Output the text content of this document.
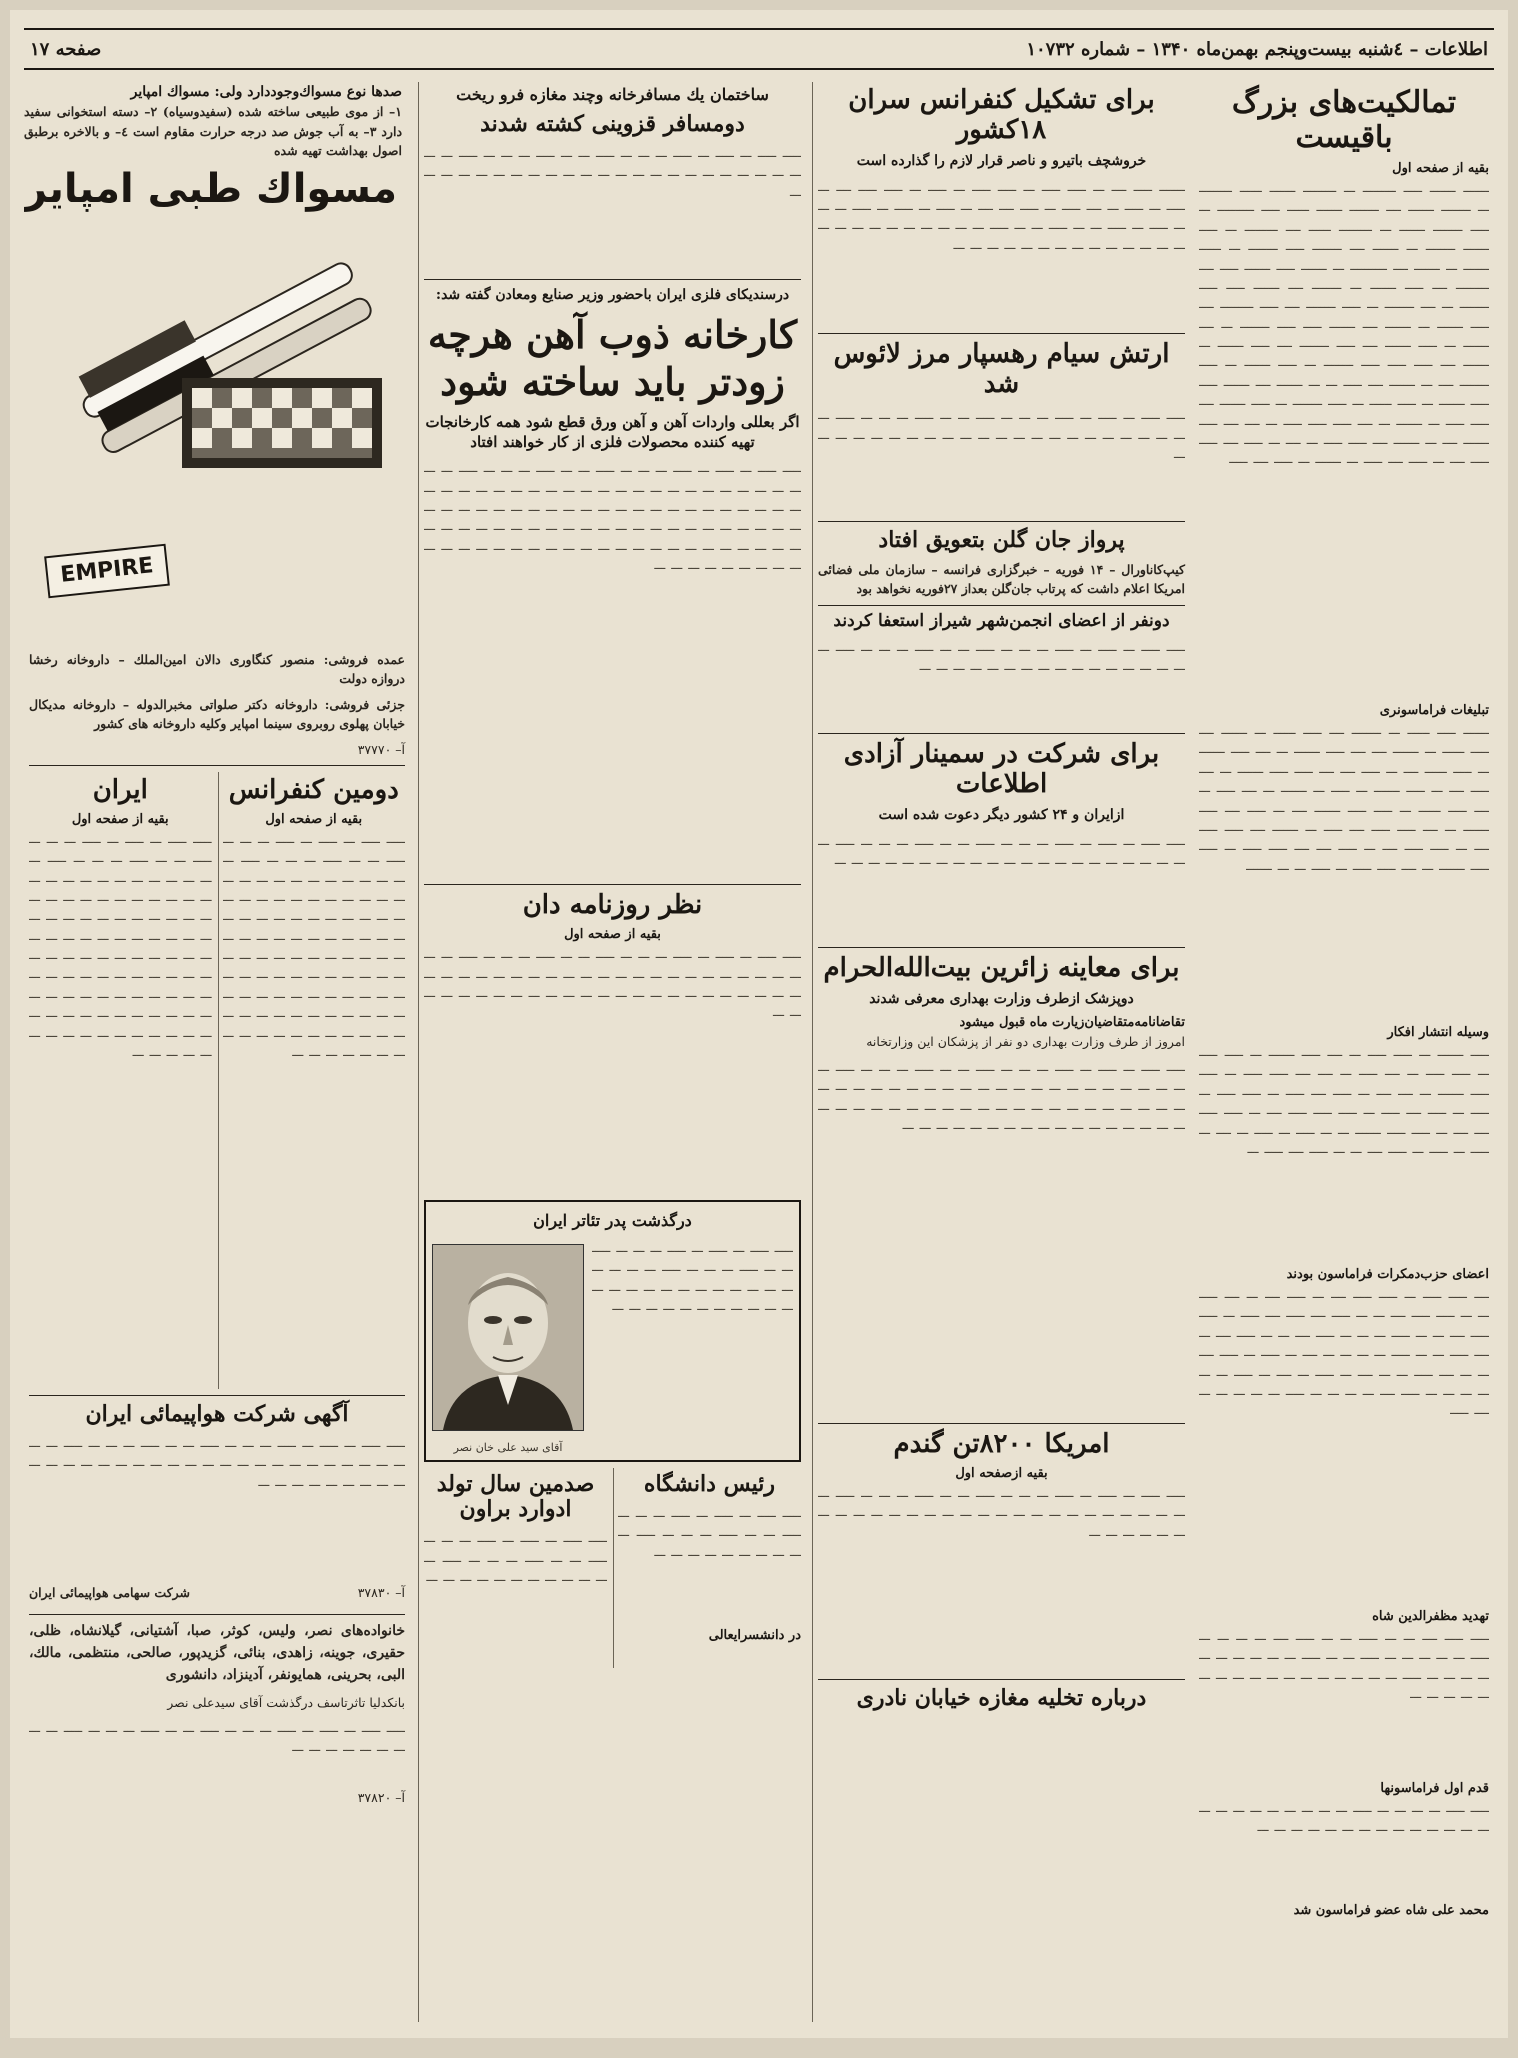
اطلاعات – ٤شنبه بیست‌وپنجم بهمن‌ماه ۱۳۴۰ – شماره ۱۰۷۳۲
صفحه ۱۷
تمالکیت‌های بزرگ باقیست
بقیه از صفحه اول
ـــــــ ـــــــ ـــــ ـــــــــ ـــ ـــــــــ ـــــــ ــــــ ـــــــــ ـــ ــــــــ ـــــــ ــــ ــــــــ ـــــــ ــــــ ـــــ ــــــــــ ـــ ـــــ ــــــــ ـــــــ ـــ ـــــــــ ــــــ ــــ ـــــــــ ـــ ـــــ ـــــــ ــــــــ ـــ ـــــــ ــــ ــــــــ ـــــ ــــــــ ـــ ــــــ ـــــــ ـــ ـــــــ ــــ ــــــــــ ـــ ـــــــ ـــــ ـــــــ ـــــ ــــ ـــــــــ ــــ ـــــ ـــــــ ـــ ــــــــ ــــ ـــــــ ـــــ ـــــ ــــــــ ـــ ــــ ــــــــ ـــ ـــــ ــــــــ ــــ ـــــ ـــــــــ ــــ ـــــ ـــــــ ـــ ـــــــ ــــ ـــــــ ـــــ ـــــ ــــــــ ـــ ــــ ـــــــ ـــ ـــــ ـــــــ ــــ ـــــ ــــــــ ــــ ـــــ ـــــــ ـــ ـــــــ ــــ ـــــ ـــــ ـــــ ــــــــ ـــ ـــــ ـــــــ ـــ ـــــ ــــــــ ــــ ـــ ـــــــ ــــ ـــــ ـــ ـــ ـــــــ ــــ ـــــــ ـــــ ـــــ ـــــــ ـــ ـــــ ــــــ ـــ ـــــ ــــــــ ـــ ـــــ ـــــــ ــــ ـــــ ـــــ ـــ ـــــــ ـــ ــــ ـــــ ـــــ ـــــ ـــ ــــ ــــ ـــــ ـــــــ ــــ ـــ ـــــــ ــــ ـــــ ـــــ ـــ ــــ ـــ ـــــ ــــ ـــــ ـــــ ــــ ـــ ـــــ ــــ ـــــ ـــ ـــــــ ـــ ـــــ ــــ ـــــ
تبلیغات فراماسونری
ـــــــ ـــــ ــــــ ـــ ــــــــ ــــ ـــــ ــــــ ـــ ـــــــ ــــ ـــــ ــــــ ـــ ـــــــ ــــ ــــ ـــــ ـــــــ ـــ ــــ ـــــ ـــــــ ـــ ـــــ ــــــ ــــ ـــ ـــــ ــــ ــــ ـــــ ـــــ ـــــــ ـــ ــــ ـــــ ــــ ـــ ـــــ ـــــــ ـــ ـــــ ـــ ـــــــ ـــ ــــ ـــــ ـــ ــــ ـــــ ــــــ ـــ ـــــ ـــــ ـــــــ ــــ ـــ ـــــ ــــ ـــــ ـــــــ ـــ ــــ ـــــ ـــــ ــــ ـــــ ـــ ـــــــ ــــ ـــــ ـــــ ــــ ـــ ـــــ ـــــ ــــ ـــ ـــــ ــــ ــــ ـــــ ـــــ ـــ ـــــ ـــــ ـــــــ ـــ ــــ ـــــ ـــــ ـــ ـــــ ـــ ـــ ـــــــ
وسیله انتشار افکار
ـــــ ـــــــ ـــ ـــــ ـــــ ـــ ــــ ـــــ ـــــــ ـــ ـــــ ـــــ ـــ ـــــ ـــــ ـــ ــــ ـــــ ـــ ــــ ــــ ـــــ ـــــ ـــ ـــــ ـــــ ـــــــ ـــ ــــ ــــ ـــ ـــــ ــــ ـــــ ـــ ـــــ ـــــ ـــ ـــــ ـــ ـــــ ــــ ـــــ ـــ ـــــ ـــــ ـــــ ــــ ـــ ـــــ ـــــ ــــ ــــ ـــ ـــــ ـــــ ـــــــ ـــ ـــ ـــــ ـــ ـــــ ـــ ــــ ـــ ـــــ ـــ ـــــ ـــ ـــــ ــــ ـــ ـــ ـــــ ــــ ـــــ ـــ
اعضای حزب‌دمکرات فراماسون بودند
ــــ ـــــ ـــــ ـــ ـــــ ـــــ ــــ ـــ ـــــ ــــ ـــ ــــ ـــــ ـــ ـــ ـــــ ـــــ ــــ ـــ ـــ ـــــ ــــ ـــــ ــــ ـــــ ـــ ـــــ ـــــ ــــ ـــ ـــ ـــــ ـــ ـــ ـــ ـــــ ــــ ـــ ـــ ـــــ ــــ ـــ ــــ ـــــ ـــ ـــ ـــــ ـــ ـــ ـــ ـــ ــــ ـــ ـــــ ـــ ـــــ ــــ ـــ ـــ ــــ ـــــ ـــ ـــ ــــ ـــ ـــــ ـــ ــــ ـــ ـــــ ـــ ـــ ـــ ـــ ـــ ـــ ـــــ ــــ ـــ ـــ ـــ ـــ ـــــ ـــ ـــ ـــ ـــ ـــ ــــ ـــــ
تهدید مظفرالدین شاه
ـــــ ـــــ ــــ ـــ ـــ ـــــ ـــ ـــ ـــــ ــــ ـــ ـــ ـــ ـــ ـــــ ـــ ـــ ـــ ـــ ـــ ـــــ ـــ ـــ ـــــ ـــ ـــ ـــ ـــ ـــ ـــ ـــ ـــ ـــ ـــ ـــــ ـــ ـــ ـــ ـــ ـــ ـــ ـــ ـــ ـــ ـــ ـــ ـــ ـــ ـــ ـــ ـــ ـــ
قدم اول فراماسونها
ـــــ ـــــ ـــ ـــ ـــ ـــ ـــــ ـــ ـــ ـــ ـــ ـــ ـــ ـــ ـــ ـــ ـــ ـــ ـــ ـــ ـــ ـــ ـــ ـــ ـــ ـــ ـــ ـــ ـــ ـــ
محمد علی شاه عضو فراماسون شد
برای تشکیل کنفرانس سران ۱۸کشور
خروشچف باتیرو و ناصر قرار لازم را گذارده است
ـــــــ ـــــ ــــ ـــ ـــــ ـــــ ـــ ـــــ ـــــ ـــ ـــــ ـــ ـــــ ـــــ ــــ ـــ ـــــ ـــ ـــــ ـــ ــــ ـــــ ـــ ـــــ ــــ ــــ ـــ ـــــ ـــ ـــــ ـــ ـــــ ـــ ـــ ـــ ـــــ ـــ ـــــ ـــ ـــ ـــــ ـــ ـــ ـــــ ـــ ـــ ـــ ـــ ـــ ـــ ـــ ـــ ـــ ـــ ـــ ـــ ـــ ـــ ـــ ـــ ـــ ـــ ـــ ـــ ـــ ـــ ـــ ـــ
ارتش سیام رهسپار مرز لائوس شد
ـــــ ـــــ ـــ ـــــ ـــ ـــــ ـــ ـــ ـــ ـــــ ـــ ـــ ـــــ ـــ ـــ ـــ ـــــ ـــ ـــ ـــ ـــ ـــ ـــ ـــ ـــ ـــ ـــ ـــ ـــ ـــ ـــ ـــ ـــ ـــ ـــ ـــ ـــ ـــ ـــ ـــ
پرواز جان گلن بتعویق افتاد
کیپ‌کاناورال – ۱۴ فوریه – خبرگزاری فرانسه – سازمان ملی فضائی امریکا اعلام داشت که پرتاب جان‌گلن بعداز ۲۷فوریه نخواهد بود
دونفر از اعضای انجمن‌شهر شیراز استعفا کردند
ـــــ ـــــ ـــ ـــــ ـــ ـــــ ـــ ـــ ـــ ـــــ ـــ ـــ ـــــ ـــ ـــ ـــ ـــــ ـــ ـــ ـــ ـــ ـــ ـــ ـــ ـــ ـــ ـــ ـــ ـــ ـــ ـــ ـــ ـــ ـــ
برای شرکت در سمینار آزادی اطلاعات
ازایران و ۲۴ کشور دیگر دعوت شده است
ـــــ ـــــ ـــ ـــــ ـــ ـــــ ـــ ـــ ـــ ـــــ ـــ ـــ ـــــ ـــ ـــ ـــ ـــــ ـــ ـــ ـــ ـــ ـــ ـــ ـــ ـــ ـــ ـــ ـــ ـــ ـــ ـــ ـــ ـــ ـــ ـــ ـــ ـــ ـــ ـــ
برای معاینه زائرین بیت‌الله‌الحرام
دوپزشک ازطرف وزارت بهداری معرفی شدند
تقاضانامه‌متقاضیان‌زیارت ماه قبول میشود
امروز از طرف وزارت بهداری دو نفر از پزشکان این وزارتخانه
ـــــ ـــــ ـــ ـــــ ـــ ـــــ ـــ ـــ ـــ ـــــ ـــ ـــ ـــــ ـــ ـــ ـــ ـــــ ـــ ـــ ـــ ـــ ـــ ـــ ـــ ـــ ـــ ـــ ـــ ـــ ـــ ـــ ـــ ـــ ـــ ـــ ـــ ـــ ـــ ـــ ـــ ـــ ـــ ـــ ـــ ـــ ـــ ـــ ـــ ـــ ـــ ـــ ـــ ـــ ـــ ـــ ـــ ـــ ـــ ـــ ـــ ـــ ـــ ـــ ـــ ـــ ـــ ـــ ـــ ـــ ـــ ـــ ـــ ـــ ـــ ـــ ـــ ـــ
امریکا ۸۲۰۰تن گندم
بقیه ازصفحه اول
ـــــ ـــــ ـــ ـــــ ـــ ـــــ ـــ ـــ ـــ ـــــ ـــ ـــ ـــــ ـــ ـــ ـــ ـــــ ـــ ـــ ـــ ـــ ـــ ـــ ـــ ـــ ـــ ـــ ـــ ـــ ـــ ـــ ـــ ـــ ـــ ـــ ـــ ـــ ـــ ـــ ـــ ـــ ـــ ـــ ـــ ـــ
درباره تخلیه مغازه خیابان نادری
ساختمان یك مسافرخانه وچند مغازه فرو ریخت
دومسافر قزوینی کشته شدند
ـــــ ـــــ ـــ ـــــ ـــ ـــــ ـــ ـــ ـــ ـــــ ـــ ـــ ـــــ ـــ ـــ ـــ ـــــ ـــ ـــ ـــ ـــ ـــ ـــ ـــ ـــ ـــ ـــ ـــ ـــ ـــ ـــ ـــ ـــ ـــ ـــ ـــ ـــ ـــ ـــ ـــ ـــ ـــ
درسندیکای فلزی ایران باحضور وزیر صنایع ومعادن گفته شد:
کارخانه ذوب آهن هرچه زودتر باید ساخته شود
اگر بعللی واردات آهن و آهن ورق قطع شود همه کارخانجات تهیه کننده محصولات فلزی از کار خواهند افتاد
ـــــ ـــــ ـــ ـــــ ـــ ـــــ ـــ ـــ ـــ ـــــ ـــ ـــ ـــــ ـــ ـــ ـــ ـــــ ـــ ـــ ـــ ـــ ـــ ـــ ـــ ـــ ـــ ـــ ـــ ـــ ـــ ـــ ـــ ـــ ـــ ـــ ـــ ـــ ـــ ـــ ـــ ـــ ـــ ـــ ـــ ـــ ـــ ـــ ـــ ـــ ـــ ـــ ـــ ـــ ـــ ـــ ـــ ـــ ـــ ـــ ـــ ـــ ـــ ـــ ـــ ـــ ـــ ـــ ـــ ـــ ـــ ـــ ـــ ـــ ـــ ـــ ـــ ـــ ـــ ـــ ـــ ـــ ـــ ـــ ـــ ـــ ـــ ـــ ـــ ـــ ـــ ـــ ـــ ـــ ـــ ـــ ـــ ـــ ـــ ـــ ـــ ـــ ـــ ـــ ـــ ـــ ـــ ـــ ـــ ـــ ـــ ـــ ـــ ـــ ـــ ـــ ـــ
نظر روزنامه دان
بقیه از صفحه اول
ـــــ ـــــ ـــ ـــــ ـــ ـــــ ـــ ـــ ـــ ـــــ ـــ ـــ ـــــ ـــ ـــ ـــ ـــــ ـــ ـــ ـــ ـــ ـــ ـــ ـــ ـــ ـــ ـــ ـــ ـــ ـــ ـــ ـــ ـــ ـــ ـــ ـــ ـــ ـــ ـــ ـــ ـــ ـــ ـــ ـــ ـــ ـــ ـــ ـــ ـــ ـــ ـــ ـــ ـــ ـــ ـــ ـــ ـــ ـــ ـــ ـــ ـــ ـــ ـــ ـــ ـــ
درگذشت پدر تئاتر ایران
ـــــ ـــــ ـــ ـــــ ـــ ـــــ ـــ ـــ ـــ ـــــ ـــ ـــ ـــــ ـــ ـــ ـــ ـــــ ـــ ـــ ـــ ـــ ـــ ـــ ـــ ـــ ـــ ـــ ـــ ـــ ـــ ـــ ـــ ـــ ـــ ـــ ـــ ـــ ـــ ـــ ـــ ـــ ـــ ـــ ـــ
آقای سید علی خان نصر
رئیس دانشگاه
ـــــ ـــــ ـــ ـــــ ـــ ـــــ ـــ ـــ ـــ ـــــ ـــ ـــ ـــــ ـــ ـــ ـــ ـــــ ـــ ـــ ـــ ـــ ـــ ـــ ـــ ـــ ـــ ـــ
در دانشسرایعالی
صدمین سال تولد ادوارد براون
ـــــ ـــــ ـــ ـــــ ـــ ـــــ ـــ ـــ ـــ ـــــ ـــ ـــ ـــــ ـــ ـــ ـــ ـــــ ـــ ـــ ـــ ـــ ـــ ـــ ـــ ـــ ـــ ـــ ـــ ـــ
صدها نوع مسواك‌وجوددارد ولی: مسواك امپایر
۱– از موی طبیعی ساخته شده (سفیدوسیاه) ۲– دسته استخوانی سفید دارد ۳– به آب جوش صد درجه حرارت مقاوم است ٤– و بالاخره برطبق اصول بهداشت تهیه شده
مسواك طبی امپایر
EMPIRE
عمده فروشی: منصور کنگاوری دالان امین‌الملك – داروخانه رخشا دروازه دولت
جزئی فروشی: داروخانه دکتر صلواتی مخبرالدوله – داروخانه مدیکال خیابان پهلوی روبروی سینما امپایر وکلیه داروخانه های کشور
آ– ۳۷۷۷۰
دومین کنفرانس
بقیه از صفحه اول
ـــــ ـــــ ـــ ـــــ ـــ ـــــ ـــ ـــ ـــ ـــــ ـــ ـــ ـــــ ـــ ـــ ـــ ـــــ ـــ ـــ ـــ ـــ ـــ ـــ ـــ ـــ ـــ ـــ ـــ ـــ ـــ ـــ ـــ ـــ ـــ ـــ ـــ ـــ ـــ ـــ ـــ ـــ ـــ ـــ ـــ ـــ ـــ ـــ ـــ ـــ ـــ ـــ ـــ ـــ ـــ ـــ ـــ ـــ ـــ ـــ ـــ ـــ ـــ ـــ ـــ ـــ ـــ ـــ ـــ ـــ ـــ ـــ ـــ ـــ ـــ ـــ ـــ ـــ ـــ ـــ ـــ ـــ ـــ ـــ ـــ ـــ ـــ ـــ ـــ ـــ ـــ ـــ ـــ ـــ ـــ ـــ ـــ ـــ ـــ ـــ ـــ ـــ ـــ ـــ ـــ ـــ ـــ ـــ ـــ ـــ ـــ ـــ ـــ ـــ ـــ ـــ ـــ ـــ ـــ ـــ ـــ ـــ ـــ ـــ ـــ
ایران
بقیه از صفحه اول
ـــــ ـــــ ـــ ـــــ ـــ ـــــ ـــ ـــ ـــ ـــــ ـــ ـــ ـــــ ـــ ـــ ـــ ـــــ ـــ ـــ ـــ ـــ ـــ ـــ ـــ ـــ ـــ ـــ ـــ ـــ ـــ ـــ ـــ ـــ ـــ ـــ ـــ ـــ ـــ ـــ ـــ ـــ ـــ ـــ ـــ ـــ ـــ ـــ ـــ ـــ ـــ ـــ ـــ ـــ ـــ ـــ ـــ ـــ ـــ ـــ ـــ ـــ ـــ ـــ ـــ ـــ ـــ ـــ ـــ ـــ ـــ ـــ ـــ ـــ ـــ ـــ ـــ ـــ ـــ ـــ ـــ ـــ ـــ ـــ ـــ ـــ ـــ ـــ ـــ ـــ ـــ ـــ ـــ ـــ ـــ ـــ ـــ ـــ ـــ ـــ ـــ ـــ ـــ ـــ ـــ ـــ ـــ ـــ ـــ ـــ ـــ ـــ ـــ ـــ ـــ ـــ ـــ ـــ ـــ ـــ ـــ ـــ ـــ
آگهی شرکت هواپیمائی ایران
ـــــ ـــــ ـــ ـــــ ـــ ـــــ ـــ ـــ ـــ ـــــ ـــ ـــ ـــــ ـــ ـــ ـــ ـــــ ـــ ـــ ـــ ـــ ـــ ـــ ـــ ـــ ـــ ـــ ـــ ـــ ـــ ـــ ـــ ـــ ـــ ـــ ـــ ـــ ـــ ـــ ـــ ـــ ـــ ـــ ـــ ـــ ـــ ـــ ـــ ـــ ـــ
آ– ۳۷۸۳۰
شرکت سهامی هواپیمائی ایران
خانواده‌های نصر، ولیس، کوثر، صبا، آشتیانی، گیلانشاه، ظلی، حقیری، جوینه، زاهدی، بنائی، گزیدپور، صالحی، منتظمی، مالك، البی، بحرینی، همایونفر، آدینزاد، دانشوری
بانکدلیا تاثرتاسف درگذشت آقای سید‌علی نصر
ـــــ ـــــ ـــ ـــــ ـــ ـــــ ـــ ـــ ـــ ـــــ ـــ ـــ ـــــ ـــ ـــ ـــ ـــــ ـــ ـــ ـــ ـــ ـــ ـــ ـــ ـــ ـــ
آ– ۳۷۸۲۰
